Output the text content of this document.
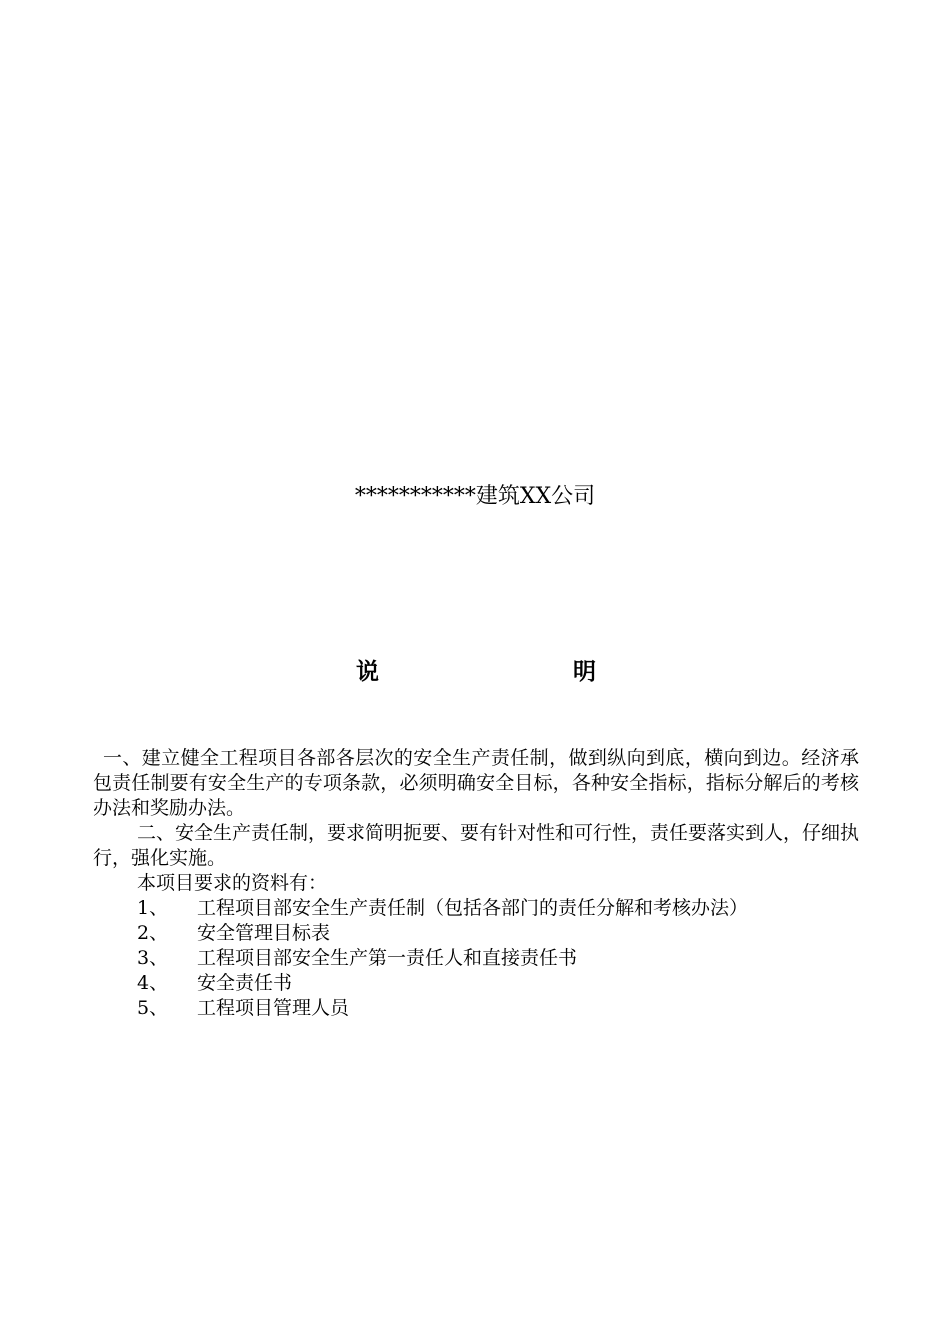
***********建筑XX公司
说	明

一、建立健全工程项目各部各层次的安全生产责任制，做到纵向到底，横向到边。经济承包责任制要有安全生产的专项条款，必须明确安全目标，各种安全指标，指标分解后的考核办法和奖励办法。

二、安全生产责任制，要求简明扼要、要有针对性和可行性，责任要落实到人，仔细执行，强化实施。

本项目要求的资料有：

1、	工程项目部安全生产责任制（包括各部门的责任分解和考核办法）
2、	安全管理目标表
3、	工程项目部安全生产第一责任人和直接责任书
4、	安全责任书
5、	工程项目管理人员
